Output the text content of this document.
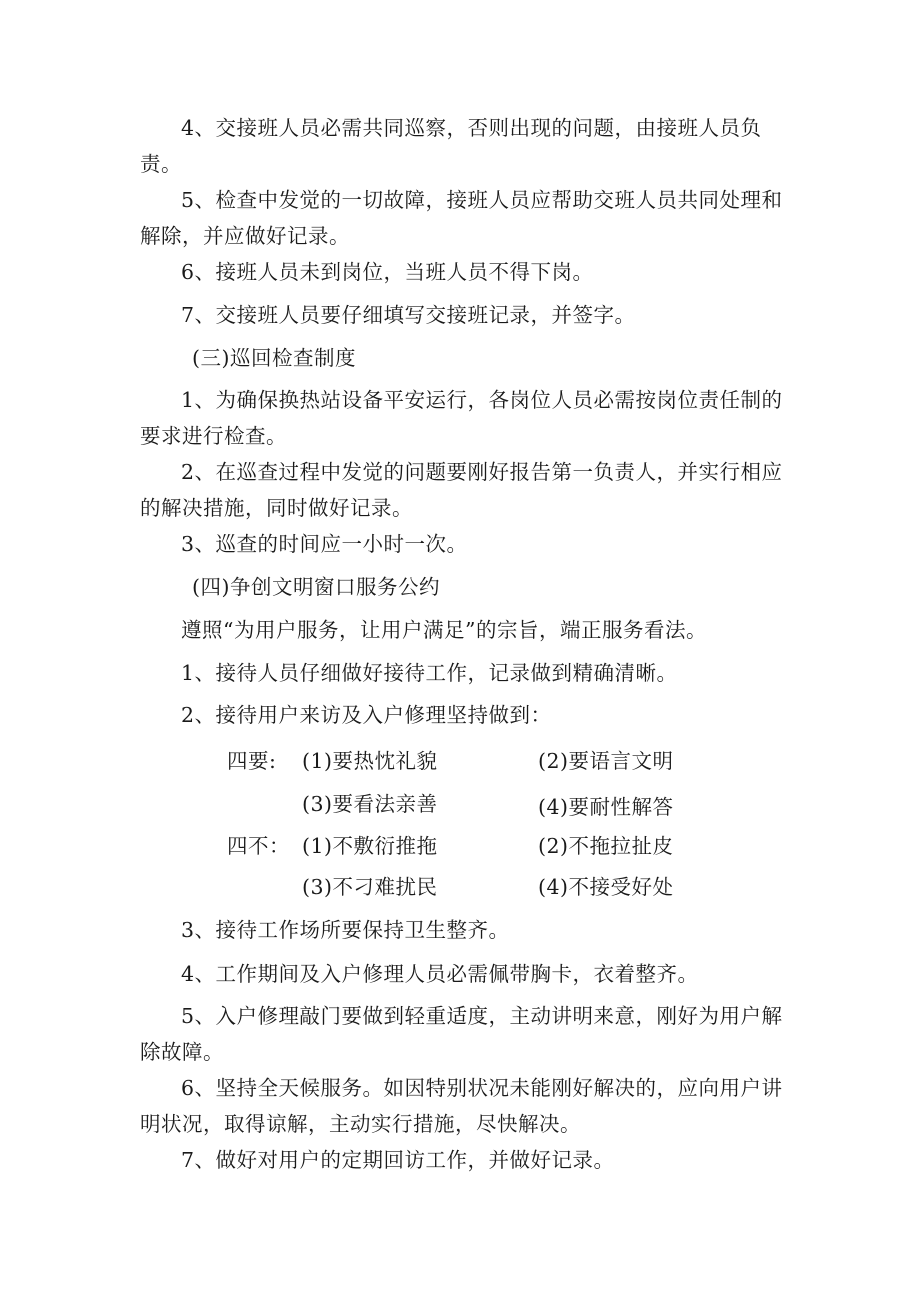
4、交接班人员必需共同巡察，否则出现的问题，由接班人员负责。
5、检查中发觉的一切故障，接班人员应帮助交班人员共同处理和解除，并应做好记录。
6、接班人员未到岗位，当班人员不得下岗。
7、交接班人员要仔细填写交接班记录，并签字。
(三)巡回检查制度
1、为确保换热站设备平安运行，各岗位人员必需按岗位责任制的要求进行检查。
2、在巡查过程中发觉的问题要刚好报告第一负责人，并实行相应的解决措施，同时做好记录。
3、巡查的时间应一小时一次。
(四)争创文明窗口服务公约
遵照“为用户服务，让用户满足”的宗旨，端正服务看法。
1、接待人员仔细做好接待工作，记录做到精确清晰。
2、接待用户来访及入户修理坚持做到：
四要: (1)要热忱礼貌	(2)要语言文明
(3)要看法亲善	(4)要耐性解答
四不： (1)不敷衍推拖	(2)不拖拉扯皮
(3)不刁难扰民	(4)不接受好处
3、接待工作场所要保持卫生整齐。
4、工作期间及入户修理人员必需佩带胸卡，衣着整齐。
5、入户修理敲门要做到轻重适度，主动讲明来意，刚好为用户解除故障。
6、坚持全天候服务。如因特别状况未能刚好解决的，应向用户讲明状况，取得谅解，主动实行措施，尽快解决。
7、做好对用户的定期回访工作，并做好记录。
